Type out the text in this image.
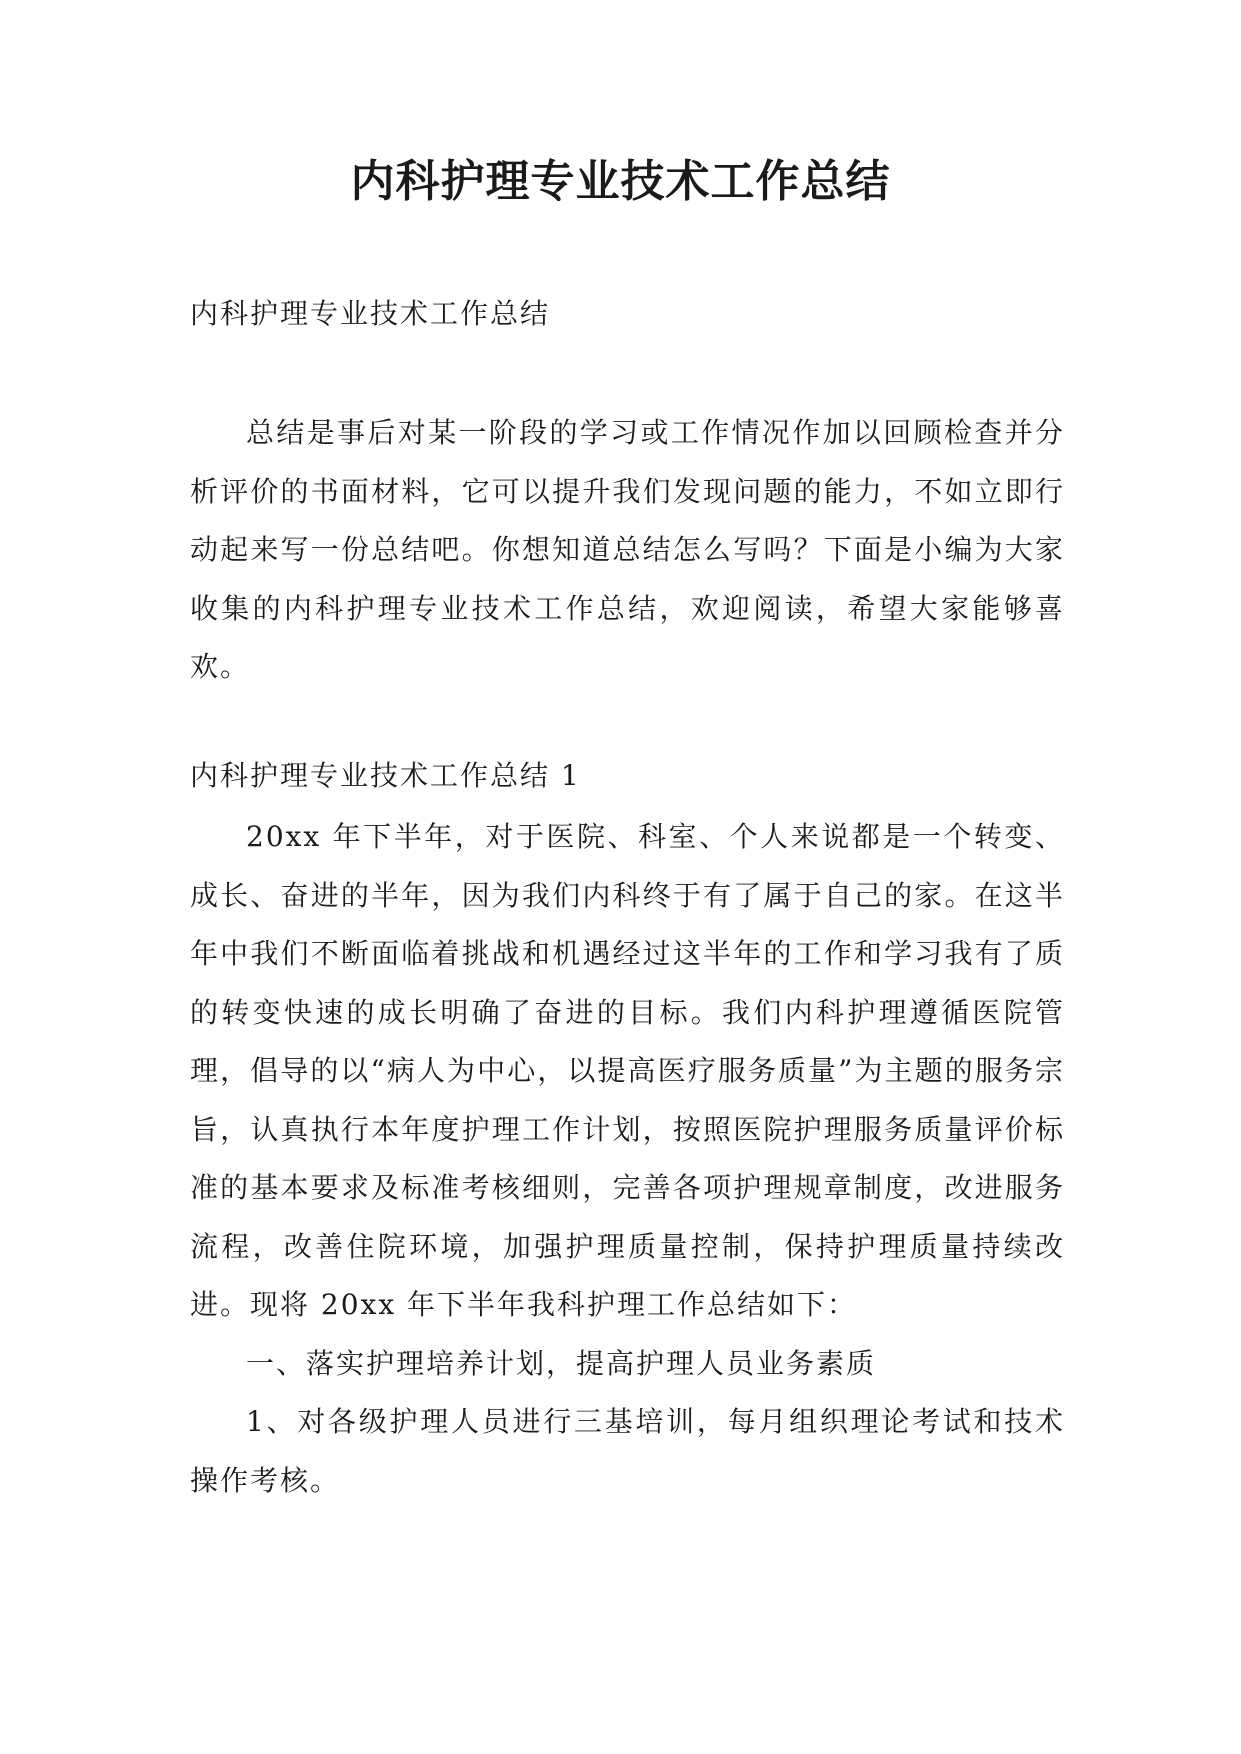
内科护理专业技术工作总结
内科护理专业技术工作总结

总结是事后对某一阶段的学习或工作情况作加以回顾检查并分析评价的书面材料，它可以提升我们发现问题的能力，不如立即行动起来写一份总结吧。你想知道总结怎么写吗？下面是小编为大家收集的内科护理专业技术工作总结，欢迎阅读，希望大家能够喜欢。

内科护理专业技术工作总结 1

20xx 年下半年，对于医院、科室、个人来说都是一个转变、成长、奋进的半年，因为我们内科终于有了属于自己的家。在这半年中我们不断面临着挑战和机遇经过这半年的工作和学习我有了质的转变快速的成长明确了奋进的目标。我们内科护理遵循医院管理，倡导的以“病人为中心，以提高医疗服务质量”为主题的服务宗旨，认真执行本年度护理工作计划，按照医院护理服务质量评价标准的基本要求及标准考核细则，完善各项护理规章制度，改进服务流程，改善住院环境，加强护理质量控制，保持护理质量持续改进。现将 20xx 年下半年我科护理工作总结如下：

一、落实护理培养计划，提高护理人员业务素质

1、对各级护理人员进行三基培训，每月组织理论考试和技术操作考核。
